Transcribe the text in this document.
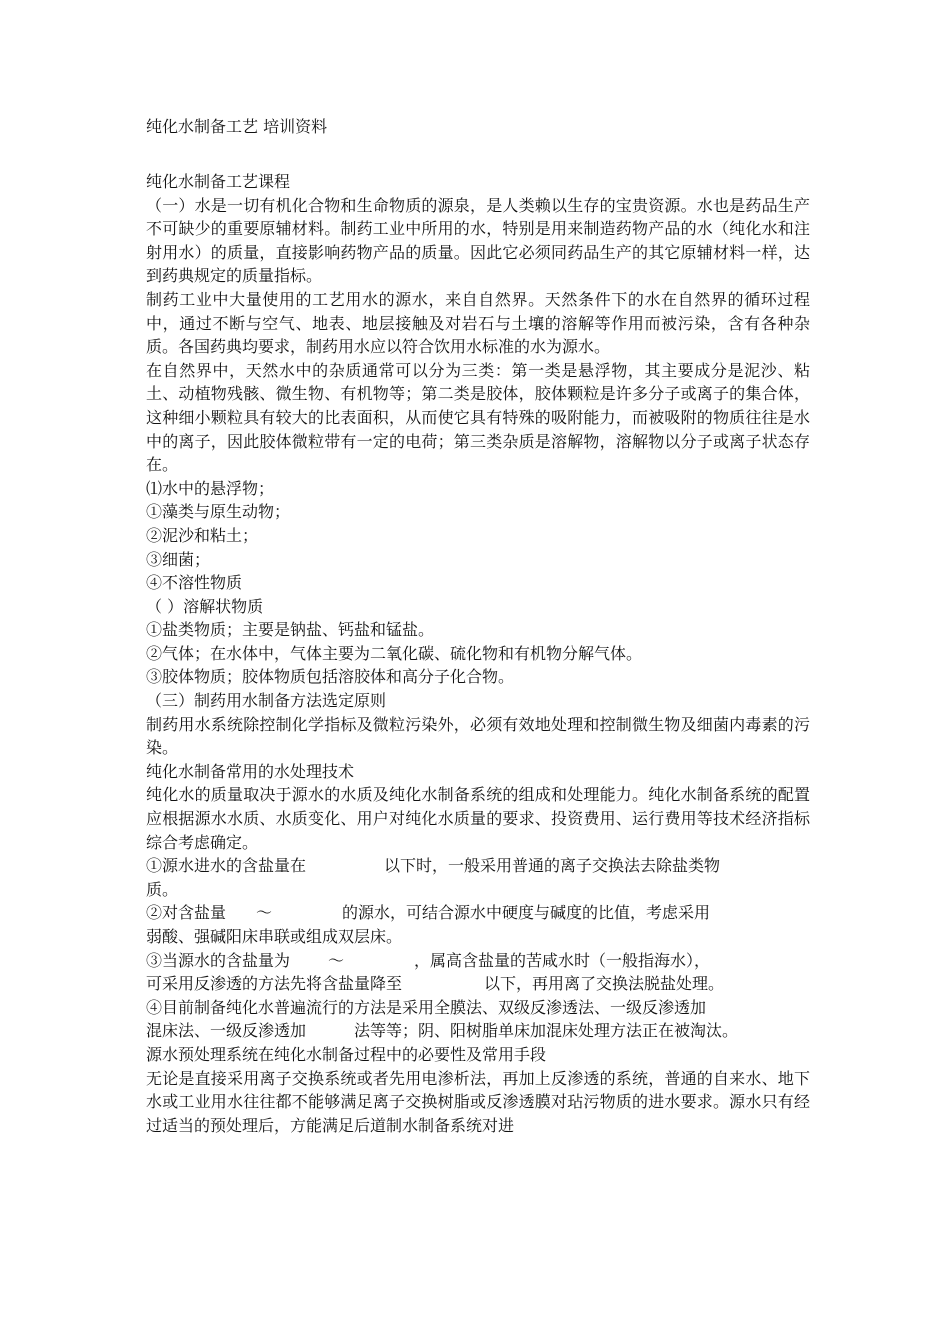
纯化水制备工艺 培训资料

纯化水制备工艺课程

（一）水是一切有机化合物和生命物质的源泉，是人类赖以生存的宝贵资源。水也是药品生产不可缺少的重要原辅材料。制药工业中所用的水，特别是用来制造药物产品的水（纯化水和注射用水）的质量，直接影响药物产品的质量。因此它必须同药品生产的其它原辅材料一样，达到药典规定的质量指标。

制药工业中大量使用的工艺用水的源水，来自自然界。天然条件下的水在自然界的循环过程中，通过不断与空气、地表、地层接触及对岩石与土壤的溶解等作用而被污染，含有各种杂质。各国药典均要求，制药用水应以符合饮用水标准的水为源水。

在自然界中，天然水中的杂质通常可以分为三类：第一类是悬浮物，其主要成分是泥沙、粘土、动植物残骸、微生物、有机物等；第二类是胶体，胶体颗粒是许多分子或离子的集合体，这种细小颗粒具有较大的比表面积，从而使它具有特殊的吸附能力，而被吸附的物质往往是水中的离子，因此胶体微粒带有一定的电荷；第三类杂质是溶解物，溶解物以分子或离子状态存在。

⑴水中的悬浮物；

①藻类与原生动物；

②泥沙和粘土；

③细菌；

④不溶性物质

（ ）溶解状物质

①盐类物质；主要是钠盐、钙盐和锰盐。

②气体；在水体中，气体主要为二氧化碳、硫化物和有机物分解气体。

③胶体物质；胶体物质包括溶胶体和高分子化合物。

（三）制药用水制备方法选定原则

制药用水系统除控制化学指标及微粒污染外，必须有效地处理和控制微生物及细菌内毒素的污染。

纯化水制备常用的水处理技术

纯化水的质量取决于源水的水质及纯化水制备系统的组成和处理能力。纯化水制备系统的配置应根据源水水质、水质变化、用户对纯化水质量的要求、投资费用、运行费用等技术经济指标综合考虑确定。

①源水进水的含盐量在	以下时，一般采用普通的离子交换法去除盐类物

质。

②对含盐量 ～	的源水，可结合源水中硬度与碱度的比值，考虑采用

弱酸、强碱阳床串联或组成双层床。

③当源水的含盐量为 ～	，属高含盐量的苦咸水时（一般指海水），

可采用反渗透的方法先将含盐量降至	以下，再用离了交换法脱盐处理。

④目前制备纯化水普遍流行的方法是采用全膜法、双级反渗透法、一级反渗透加

混床法、一级反渗透加	法等等；阴、阳树脂单床加混床处理方法正在被淘汰。

源水预处理系统在纯化水制备过程中的必要性及常用手段

无论是直接采用离子交换系统或者先用电渗析法，再加上反渗透的系统，普通的自来水、地下水或工业用水往往都不能够满足离子交换树脂或反渗透膜对玷污物质的进水要求。源水只有经过适当的预处理后，方能满足后道制水制备系统对进
